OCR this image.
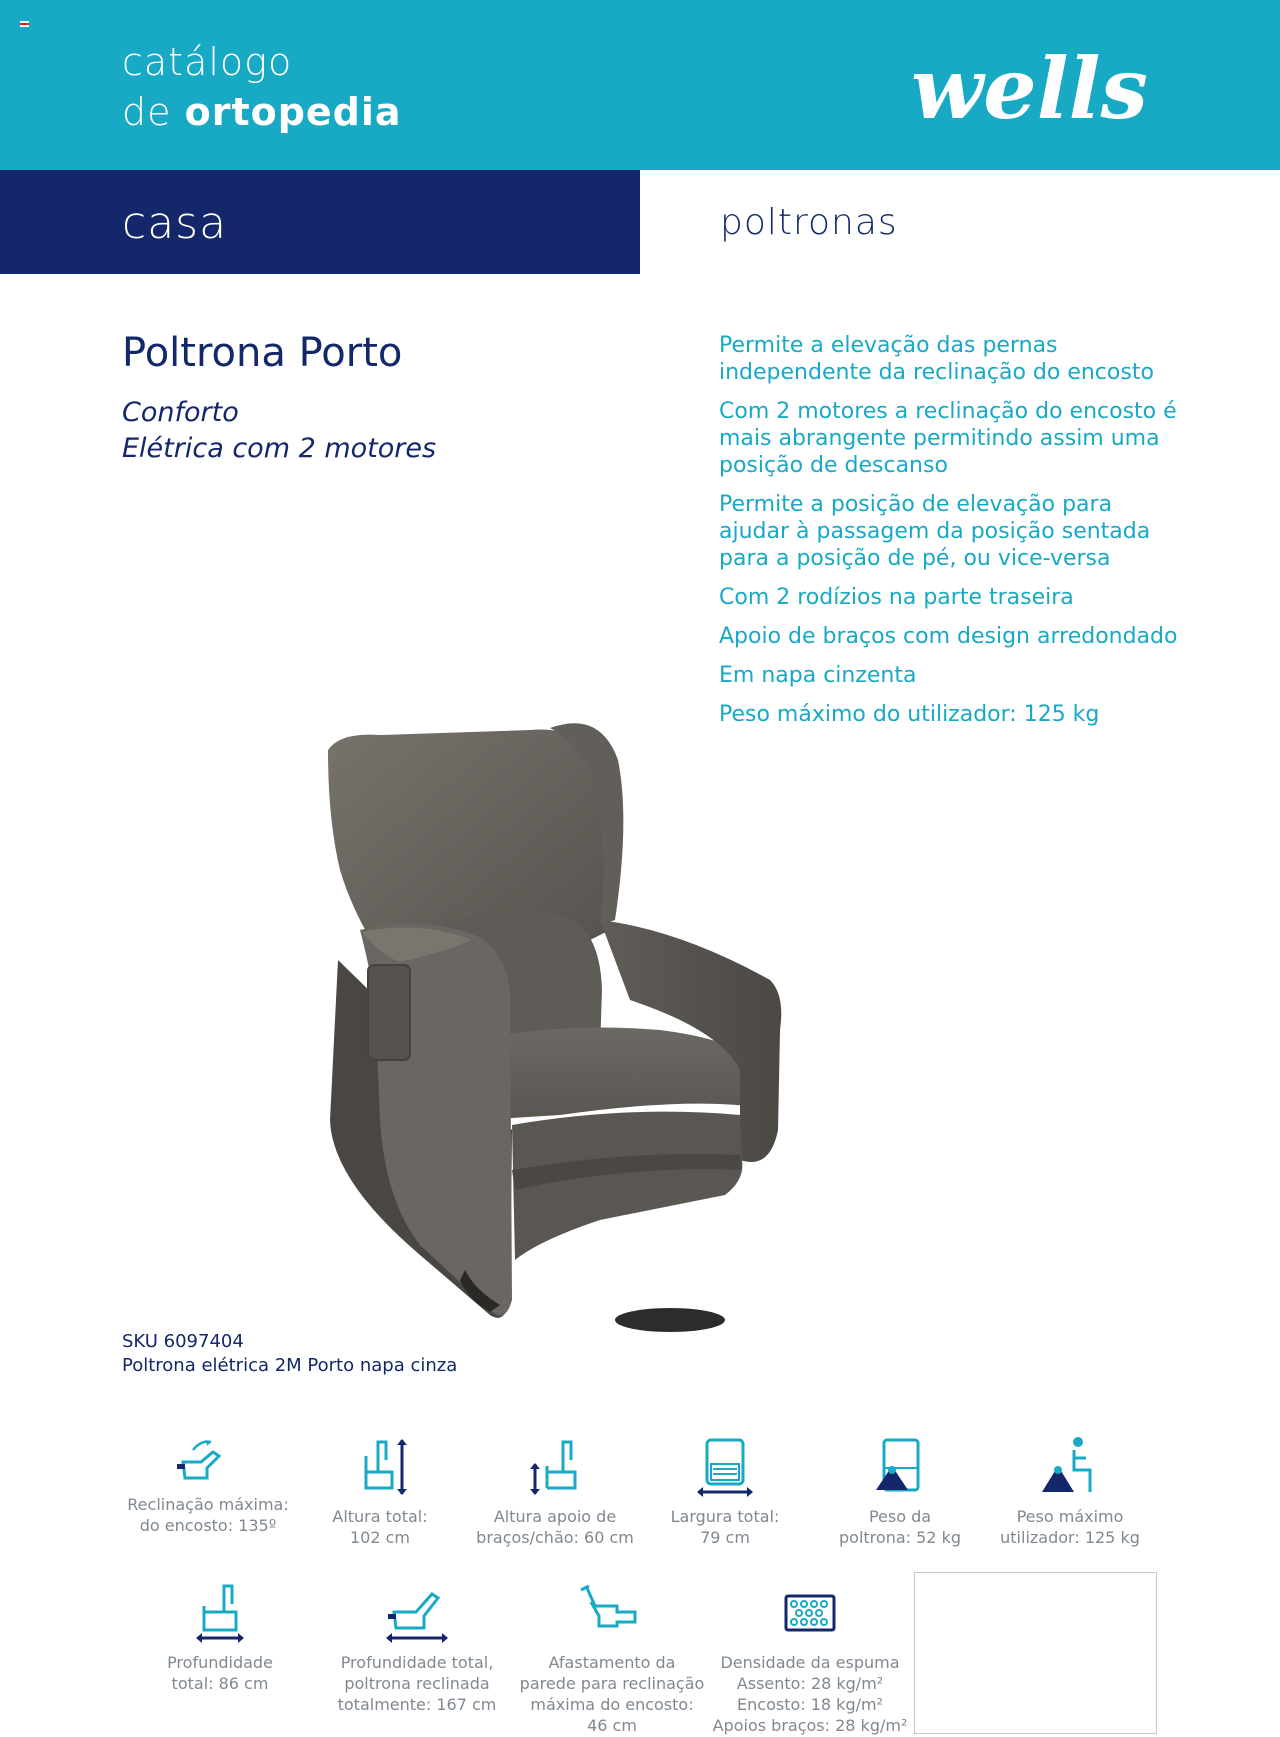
catálogo
de ortopedia	wells
casa	poltronas
Poltrona Porto
Conforto
Elétrica com 2 motores
Permite a elevação das pernas independente da reclinação do encosto
Com 2 motores a reclinação do encosto é mais abrangente permitindo assim uma posição de descanso
Permite a posição de elevação para ajudar à passagem da posição sentada para a posição de pé, ou vice-versa
Com 2 rodízios na parte traseira
Apoio de braços com design arredondado
Em napa cinzenta
Peso máximo do utilizador: 125 kg
SKU 6097404
Poltrona elétrica 2M Porto napa cinza
Reclinação máxima:
do encosto: 135º	Altura total:
102 cm
Altura apoio de
braços/chão: 60 cm
Largura total:
79 cm
Peso da
poltrona: 52 kg
Peso máximo
utilizador: 125 kg
Profundidade
total: 86 cm
Profundidade total,
poltrona reclinada
totalmente: 167 cm
Afastamento da
parede para reclinação
máxima do encosto:
46 cm
Densidade da espuma
Assento: 28 kg/m²
Encosto: 18 kg/m²
Apoios braços: 28 kg/m²
